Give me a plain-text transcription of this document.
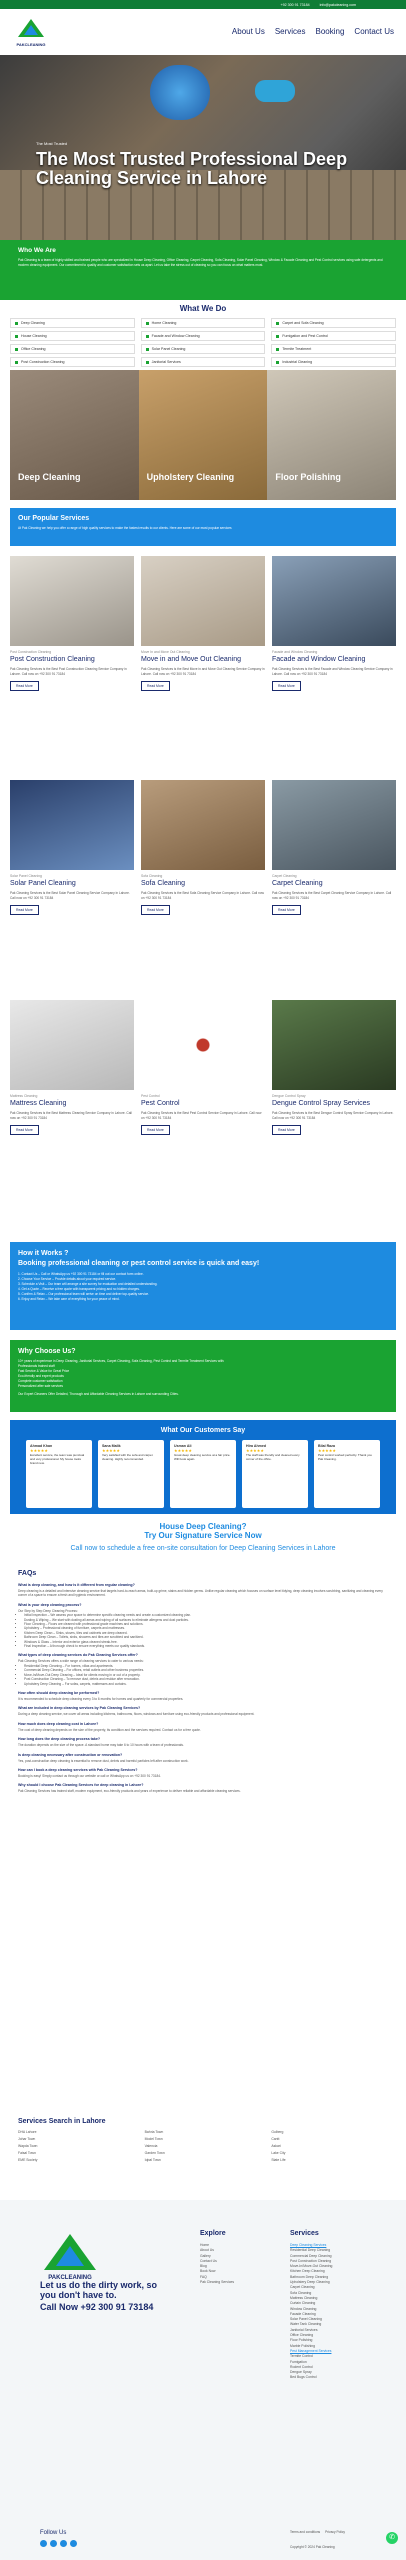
+92 300 91 73184	info@pakcleaning.com
PAKCLEANING
About Us Services Booking Contact Us
The Most Trusted
The Most Trusted Professional Deep Cleaning Service in Lahore
Who We Are

Pak Cleaning is a team of highly skilled and trained people who are specialized in House Deep Cleaning, Office Cleaning, Carpet Cleaning, Sofa Cleaning, Solar Panel Cleaning, Window & Facade Cleaning and Pest Control services using safe detergents and modern cleaning equipment. Our commitment to quality and customer satisfaction sets us apart. Let us take the stress out of cleaning so you can focus on what matters most.

What We Do
Deep Cleaning	Home Cleaning	Carpet and Sofa Cleaning
House Cleaning	Facade and Window Cleaning	Fumigation and Pest Control
Office Cleaning	Solar Panel Cleaning	Termite Treatment
Post Construction Cleaning	Janitorial Services	Industrial Cleaning
Deep Cleaning	Upholstery Cleaning	Floor Polishing
Our Popular Services

At Pak Cleaning we help you offer a range of high quality services to make the fastest results to our clients. Here are some of our most popular services

Post Construction Cleaning
Post Construction Cleaning
Pak Cleaning Services is the Best Post Construction Cleaning Service Company in Lahore. Call now on +92 300 91 73184
Read More
Move In and Move Out Cleaning
Move in and Move Out Cleaning
Pak Cleaning Services is the Best Move in and Move Out Cleaning Service Company in Lahore. Call now on +92 300 91 73184
Read More
Facade and Window Cleaning
Facade and Window Cleaning
Pak Cleaning Services is the Best Facade and Window Cleaning Service Company in Lahore. Call now on +92 300 91 73184
Read More
Solar Panel Cleaning
Solar Panel Cleaning
Pak Cleaning Services is the Best Solar Panel Cleaning Service Company in Lahore. Call now on +92 300 91 73184
Read More
Sofa Cleaning
Sofa Cleaning
Pak Cleaning Services is the Best Sofa Cleaning Service Company in Lahore. Call now on +92 300 91 73184
Read More
Carpet Cleaning
Carpet Cleaning
Pak Cleaning Services is the Best Carpet Cleaning Service Company in Lahore. Call now on +92 300 91 73184
Read More
Mattress Cleaning
Mattress Cleaning
Pak Cleaning Services is the Best Mattress Cleaning Service Company in Lahore. Call now on +92 300 91 73184
Read More
Pest Control
Pest Control
Pak Cleaning Services is the Best Pest Control Service Company in Lahore. Call now on +92 300 91 73184
Read More
Dengue Control Spray
Dengue Control Spray Services
Pak Cleaning Services is the Best Dengue Control Spray Service Company in Lahore. Call now on +92 300 91 73184
Read More
How it Works ?
Booking professional cleaning or pest control service is quick and easy!
1. Contact Us – Call or WhatsApp us +92 300 91 73184 or fill out our contact form online.
2. Choose Your Service – Provide details about your required service.
3. Schedule a Visit – Our team will arrange a site survey for evaluation and detailed understanding.
4. Get a Quote – Receive a free quote with transparent pricing and no hidden charges.
5. Confirm & Relax – Our professional team will arrive on time and deliver top-quality service.
6. Enjoy and Relax – We take care of everything for your peace of mind.
Why Choose Us?
10+ years of experience in Deep Cleaning, Janitorial Services, Carpet Cleaning, Sofa Cleaning, Pest Control and Termite Treatment Services with:
Professionals trained staff
Fast Service & Value for Great Price
Eco-friendly and expert products
Complete customer satisfaction
Personalized after sale services

Our Expert Cleaners Offer Detailed, Thorough and Affordable Cleaning Services in Lahore and surrounding Cities.

What Our Customers Say
Ahmad Khan
★★★★★
Excellent service, the team was punctual and very professional. My house looks brand new.
Sana Malik
★★★★★
Very satisfied with the sofa and carpet cleaning. Highly recommended.
Usman Ali
★★★★★
Great deep cleaning service at a fair price. Will book again.
Hira Ahmed
★★★★★
The staff was friendly and cleaned every corner of the office.
Bilal Raza
★★★★★
Pest control worked perfectly. Thank you Pak Cleaning.
House Deep Cleaning?
Try Our Signature Service Now
Call now to schedule a free on-site consultation for Deep Cleaning Services in Lahore
FAQs
What is deep cleaning, and how is it different from regular cleaning?
Deep cleaning is a detailed and intensive cleaning service that targets hard-to-reach areas, built-up grime, stains and hidden germs. Unlike regular cleaning which focuses on surface level tidying, deep cleaning involves scrubbing, sanitizing and cleaning every corner of a space to ensure a fresh and hygienic environment.
What is your deep cleaning process?
Our Step by Step Deep Cleaning Process:
• Initial Inspection – We assess your space to determine specific cleaning needs and create a customized cleaning plan.
• Dusting & Wiping – We start with dusting all areas and wiping of all surfaces to eliminate allergens and dust particles.
• Floor Cleaning – Floors are cleaned with professional grade machines and solutions.
• Upholstery – Professional cleaning of furniture, carpets and mattresses.
• Kitchen Deep Clean – Sinks, stoves, tiles and cabinets are deep cleaned.
• Bathroom Deep Clean – Toilets, sinks, showers and tiles are scrubbed and sanitized.
• Windows & Glass – Interior and exterior glass cleaned streak-free.
• Final Inspection – A thorough check to ensure everything meets our quality standards.
What types of deep cleaning services do Pak Cleaning Services offer?
Pak Cleaning Services offers a wide range of cleaning services to cater to various needs:
• Residential Deep Cleaning – For homes, villas and apartments.
• Commercial Deep Cleaning – For offices, retail outlets and other business properties.
• Move-In/Move-Out Deep Cleaning – Ideal for clients moving in or out of a property.
• Post Construction Cleaning – To remove dust, debris and residue after renovation.
• Upholstery Deep Cleaning – For sofas, carpets, mattresses and curtains.
How often should deep cleaning be performed?
It is recommended to schedule deep cleaning every 3 to 6 months for homes and quarterly for commercial properties.
What are included in deep cleaning services by Pak Cleaning Services?
During a deep cleaning service, we cover all areas including kitchens, bathrooms, floors, windows and furniture using eco-friendly products and professional equipment.
How much does deep cleaning cost in Lahore?
The cost of deep cleaning depends on the size of the property, its condition and the services required. Contact us for a free quote.
How long does the deep cleaning process take?
The duration depends on the size of the space. A standard home may take 6 to 10 hours with a team of professionals.
Is deep cleaning necessary after construction or renovation?
Yes, post-construction deep cleaning is essential to remove dust, debris and harmful particles left after construction work.
How can I book a deep cleaning services with Pak Cleaning Services?
Booking is easy! Simply contact us through our website or call or WhatsApp us on +92 300 91 73184.
Why should I choose Pak Cleaning Services for deep cleaning in Lahore?
Pak Cleaning Services has trained staff, modern equipment, eco-friendly products and years of experience to deliver reliable and affordable cleaning services.
Services Search in Lahore
DHA Lahore	Bahria Town	Gulberg
Johar Town	Model Town	Cantt
Wapda Town	Valencia	Askari
Faisal Town	Garden Town	Lake City
EME Society	Iqbal Town	State Life
PAKCLEANING
Let us do the dirty work, so you don't have to.
Call Now +92 300 91 73184
Explore
Home
About Us
Gallery
Contact Us
Blog
Book Now
FAQ
Pak Cleaning Services
Services
Deep Cleaning Services
Residential Deep Cleaning
Commercial Deep Cleaning
Post Construction Cleaning
Move-In/Move-Out Cleaning
Kitchen Deep Cleaning
Bathroom Deep Cleaning
Upholstery Deep Cleaning
Carpet Cleaning
Sofa Cleaning
Mattress Cleaning
Curtain Cleaning
Window Cleaning
Facade Cleaning
Solar Panel Cleaning
Water Tank Cleaning
Janitorial Services
Office Cleaning
Floor Polishing
Marble Polishing
Pest Management Services
Termite Control
Fumigation
Rodent Control
Dengue Spray
Bed Bugs Control
Follow Us	Terms and conditions Privacy Policy
Copyright © 2024 Pak Cleaning
✆
